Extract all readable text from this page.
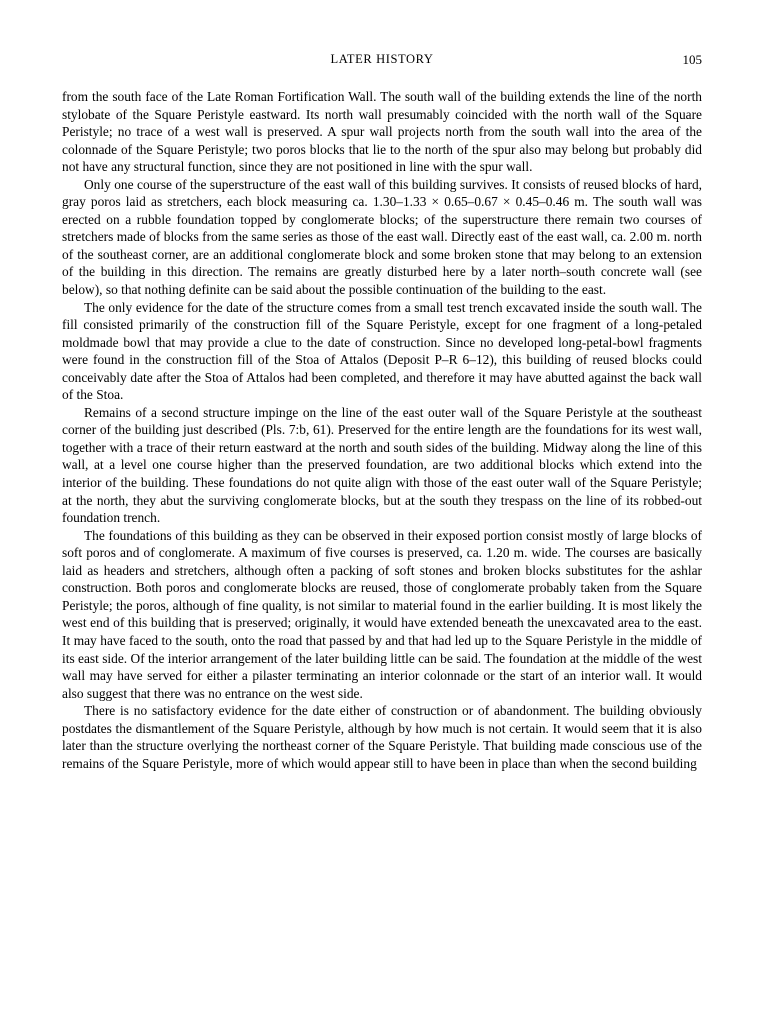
LATER HISTORY	105

from the south face of the Late Roman Fortification Wall. The south wall of the building extends the line of the north stylobate of the Square Peristyle eastward. Its north wall presumably coincided with the north wall of the Square Peristyle; no trace of a west wall is preserved. A spur wall projects north from the south wall into the area of the colonnade of the Square Peristyle; two poros blocks that lie to the north of the spur also may belong but probably did not have any structural function, since they are not positioned in line with the spur wall.

Only one course of the superstructure of the east wall of this building survives. It consists of reused blocks of hard, gray poros laid as stretchers, each block measuring ca. 1.30–1.33 × 0.65–0.67 × 0.45–0.46 m. The south wall was erected on a rubble foundation topped by conglomerate blocks; of the superstructure there remain two courses of stretchers made of blocks from the same series as those of the east wall. Directly east of the east wall, ca. 2.00 m. north of the southeast corner, are an additional conglomerate block and some broken stone that may belong to an extension of the building in this direction. The remains are greatly disturbed here by a later north–south concrete wall (see below), so that nothing definite can be said about the possible continuation of the building to the east.

The only evidence for the date of the structure comes from a small test trench excavated inside the south wall. The fill consisted primarily of the construction fill of the Square Peristyle, except for one fragment of a long-petaled moldmade bowl that may provide a clue to the date of construction. Since no developed long-petal-bowl fragments were found in the construction fill of the Stoa of Attalos (Deposit P–R 6–12), this building of reused blocks could conceivably date after the Stoa of Attalos had been completed, and therefore it may have abutted against the back wall of the Stoa.

Remains of a second structure impinge on the line of the east outer wall of the Square Peristyle at the southeast corner of the building just described (Pls. 7:b, 61). Preserved for the entire length are the foundations for its west wall, together with a trace of their return eastward at the north and south sides of the building. Midway along the line of this wall, at a level one course higher than the preserved foundation, are two additional blocks which extend into the interior of the building. These foundations do not quite align with those of the east outer wall of the Square Peristyle; at the north, they abut the surviving conglomerate blocks, but at the south they trespass on the line of its robbed-out foundation trench.

The foundations of this building as they can be observed in their exposed portion consist mostly of large blocks of soft poros and of conglomerate. A maximum of five courses is preserved, ca. 1.20 m. wide. The courses are basically laid as headers and stretchers, although often a packing of soft stones and broken blocks substitutes for the ashlar construction. Both poros and conglomerate blocks are reused, those of conglomerate probably taken from the Square Peristyle; the poros, although of fine quality, is not similar to material found in the earlier building. It is most likely the west end of this building that is preserved; originally, it would have extended beneath the unexcavated area to the east. It may have faced to the south, onto the road that passed by and that had led up to the Square Peristyle in the middle of its east side. Of the interior arrangement of the later building little can be said. The foundation at the middle of the west wall may have served for either a pilaster terminating an interior colonnade or the start of an interior wall. It would also suggest that there was no entrance on the west side.

There is no satisfactory evidence for the date either of construction or of abandonment. The building obviously postdates the dismantlement of the Square Peristyle, although by how much is not certain. It would seem that it is also later than the structure overlying the northeast corner of the Square Peristyle. That building made conscious use of the remains of the Square Peristyle, more of which would appear still to have been in place than when the second building
